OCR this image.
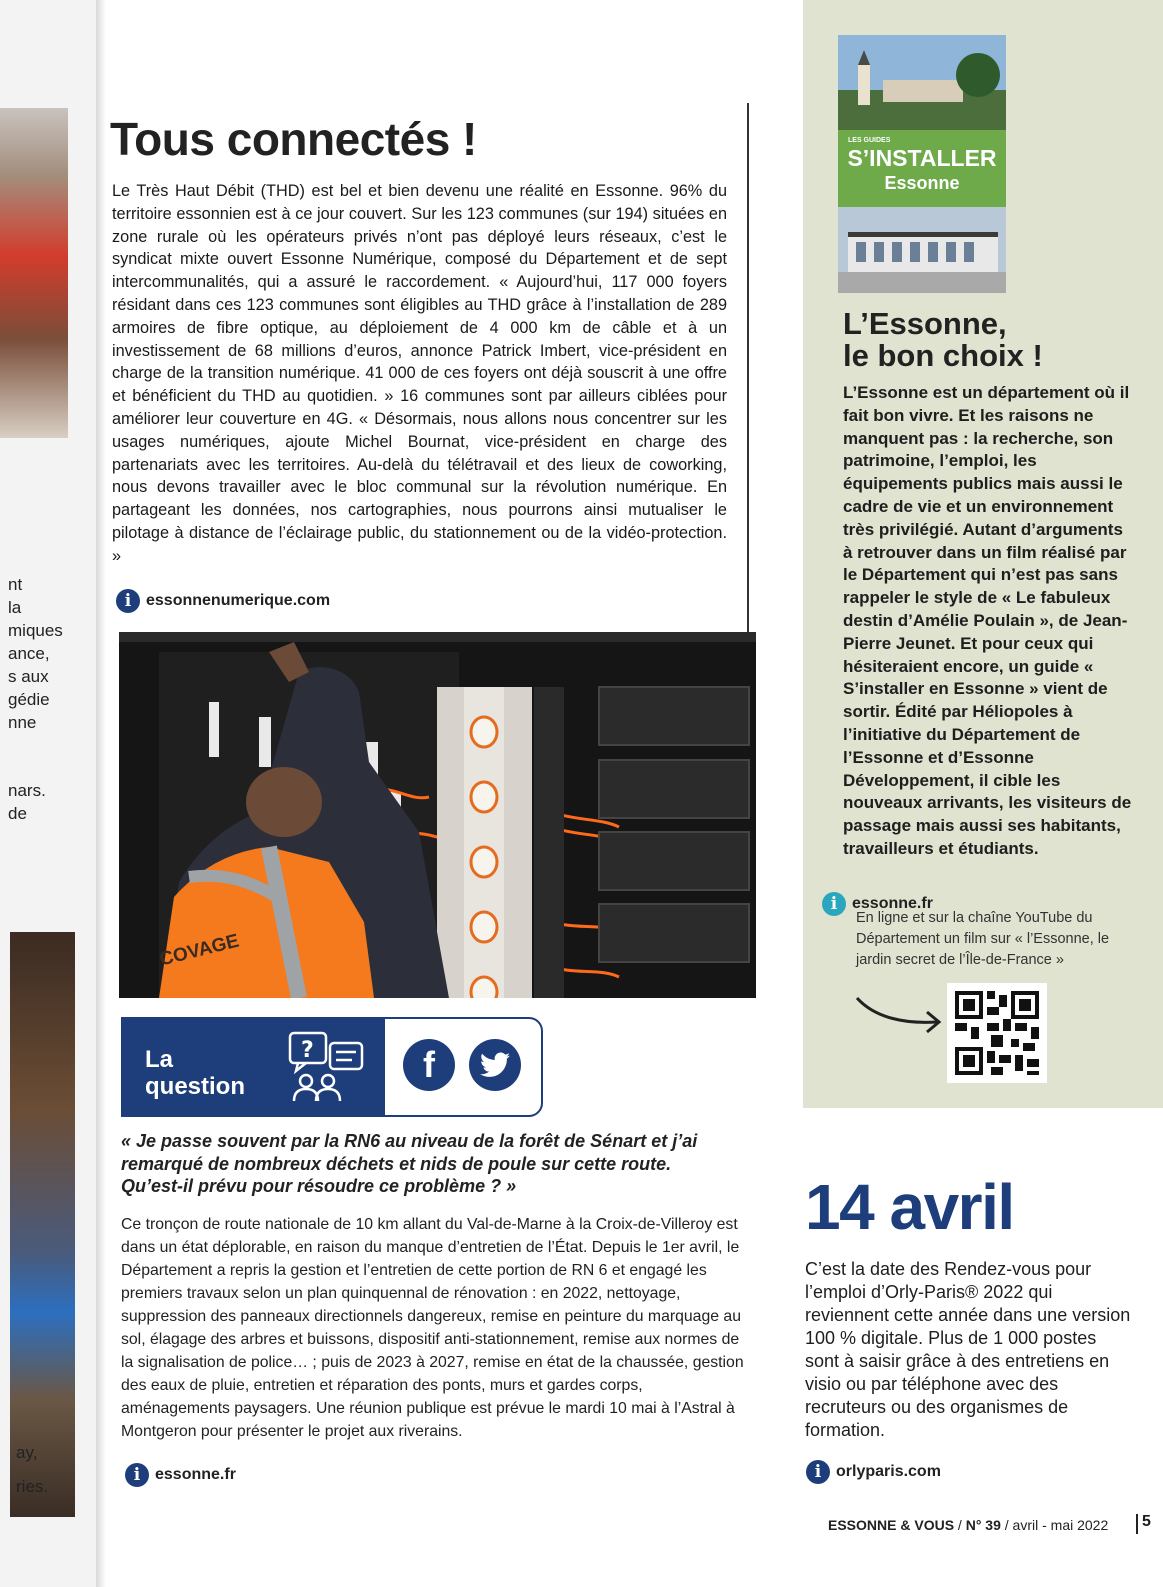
nt
la
miques
ance,
s aux
gédie
nne
nars.
de
ay,
ries.
Tous connectés !

Le Très Haut Débit (THD) est bel et bien devenu une réalité en Essonne. 96% du territoire essonnien est à ce jour couvert. Sur les 123 communes (sur 194) situées en zone rurale où les opérateurs privés n’ont pas déployé leurs réseaux, c’est le syndicat mixte ouvert Essonne Numérique, composé du Département et de sept intercommunalités, qui a assuré le raccordement. « Aujourd’hui, 117 000 foyers résidant dans ces 123 communes sont éligibles au THD grâce à l’installation de 289 armoires de fibre optique, au déploiement de 4 000 km de câble et à un investissement de 68 millions d’euros, annonce Patrick Imbert, vice-président en charge de la transition numérique. 41 000 de ces foyers ont déjà souscrit à une offre et bénéficient du THD au quotidien. » 16 communes sont par ailleurs ciblées pour améliorer leur couverture en 4G. « Désormais, nous allons nous concentrer sur les usages numériques, ajoute Michel Bournat, vice-président en charge des partenariats avec les territoires. Au-delà du télétravail et des lieux de coworking, nous devons travailler avec le bloc communal sur la révolution numérique. En partageant les données, nos cartographies, nous pourrons ainsi mutualiser le pilotage à distance de l’éclairage public, du stationnement ou de la vidéo-protection. »

i essonnenumerique.com
COVAGE
La
question
?	f

« Je passe souvent par la RN6 au niveau de la forêt de Sénart et j’ai remarqué de nombreux déchets et nids de poule sur cette route. Qu’est-il prévu pour résoudre ce problème ? »

Ce tronçon de route nationale de 10 km allant du Val-de-Marne à la Croix-de-Villeroy est dans un état déplorable, en raison du manque d’entretien de l’État. Depuis le 1er avril, le Département a repris la gestion et l’entretien de cette portion de RN 6 et engagé les premiers travaux selon un plan quinquennal de rénovation : en 2022, nettoyage, suppression des panneaux directionnels dangereux, remise en peinture du marquage au sol, élagage des arbres et buissons, dispositif anti-stationnement, remise aux normes de la signalisation de police… ; puis de 2023 à 2027, remise en état de la chaussée, gestion des eaux de pluie, entretien et réparation des ponts, murs et gardes corps, aménagements paysagers. Une réunion publique est prévue le mardi 10 mai à l’Astral à Montgeron pour présenter le projet aux riverains.

i essonne.fr
LES GUIDES
S’INSTALLER
Essonne
L’Essonne,
le bon choix !

L’Essonne est un département où il fait bon vivre. Et les raisons ne manquent pas : la recherche, son patrimoine, l’emploi, les équipements publics mais aussi le cadre de vie et un environnement très privilégié. Autant d’arguments à retrouver dans un film réalisé par le Département qui n’est pas sans rappeler le style de « Le fabuleux destin d’Amélie Poulain », de Jean-Pierre Jeunet. Et pour ceux qui hésiteraient encore, un guide « S’installer en Essonne » vient de sortir. Édité par Héliopoles à l’initiative du Département de l’Essonne et d’Essonne Développement, il cible les nouveaux arrivants, les visiteurs de passage mais aussi ses habitants, travailleurs et étudiants.

i essonne.fr

En ligne et sur la chaîne YouTube du Département un film sur « l’Essonne, le jardin secret de l’Île-de-France »

14 avril

C’est la date des Rendez-vous pour l’emploi d’Orly-Paris® 2022 qui reviennent cette année dans une version 100 % digitale. Plus de 1 000 postes sont à saisir grâce à des entretiens en visio ou par téléphone avec des recruteurs ou des organismes de formation.

i orlyparis.com
ESSONNE & VOUS / N° 39 / avril - mai 2022 5
